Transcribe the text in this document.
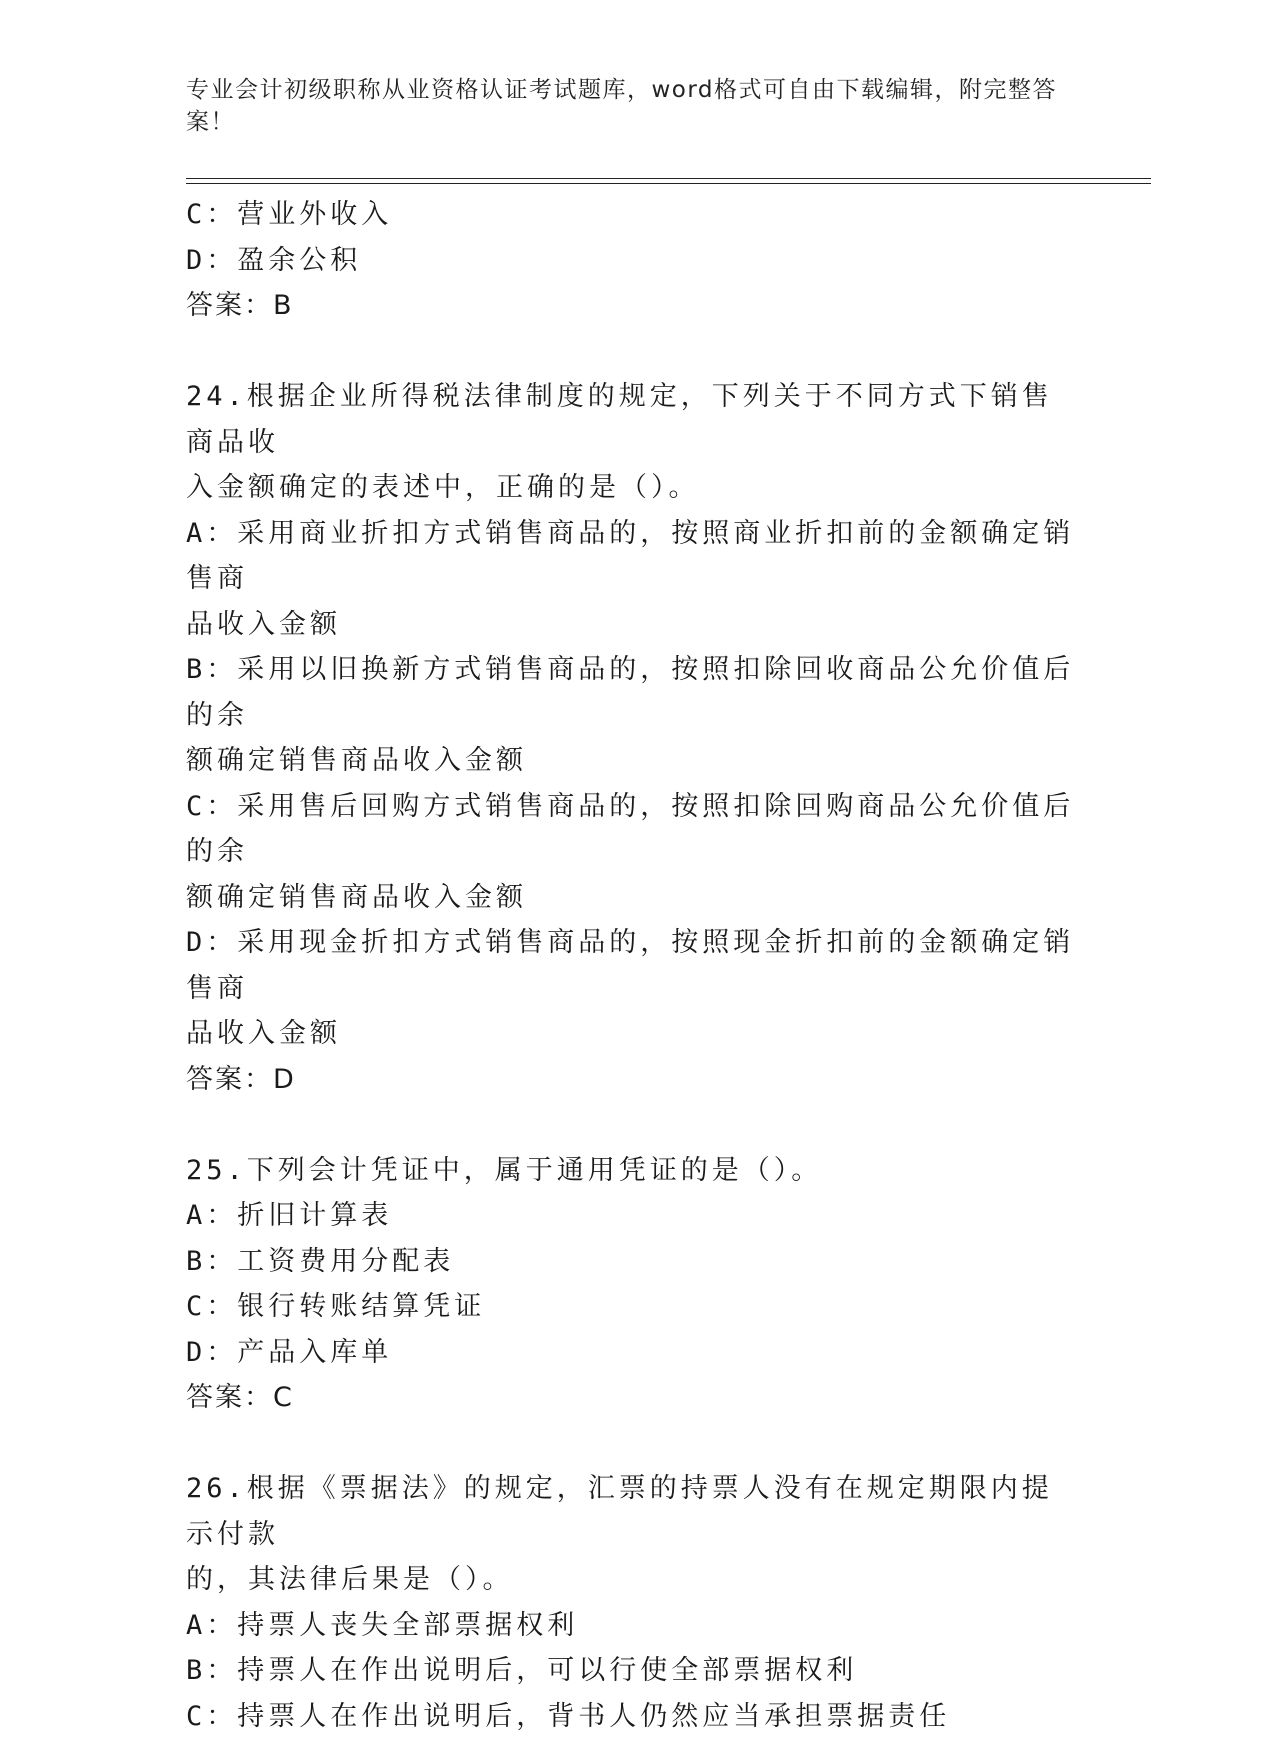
专业会计初级职称从业资格认证考试题库，word格式可自由下载编辑，附完整答
案！

C：营业外收入

D：盈余公积

答案：B

24.根据企业所得税法律制度的规定，下列关于不同方式下销售商品收

入金额确定的表述中，正确的是（）。

A：采用商业折扣方式销售商品的，按照商业折扣前的金额确定销售商

品收入金额

B：采用以旧换新方式销售商品的，按照扣除回收商品公允价值后的余

额确定销售商品收入金额

C：采用售后回购方式销售商品的，按照扣除回购商品公允价值后的余

额确定销售商品收入金额

D：采用现金折扣方式销售商品的，按照现金折扣前的金额确定销售商

品收入金额

答案：D

25.下列会计凭证中，属于通用凭证的是（）。

A：折旧计算表

B：工资费用分配表

C：银行转账结算凭证

D：产品入库单

答案：C

26.根据《票据法》的规定，汇票的持票人没有在规定期限内提示付款

的，其法律后果是（）。

A：持票人丧失全部票据权利

B：持票人在作出说明后，可以行使全部票据权利

C：持票人在作出说明后，背书人仍然应当承担票据责任
